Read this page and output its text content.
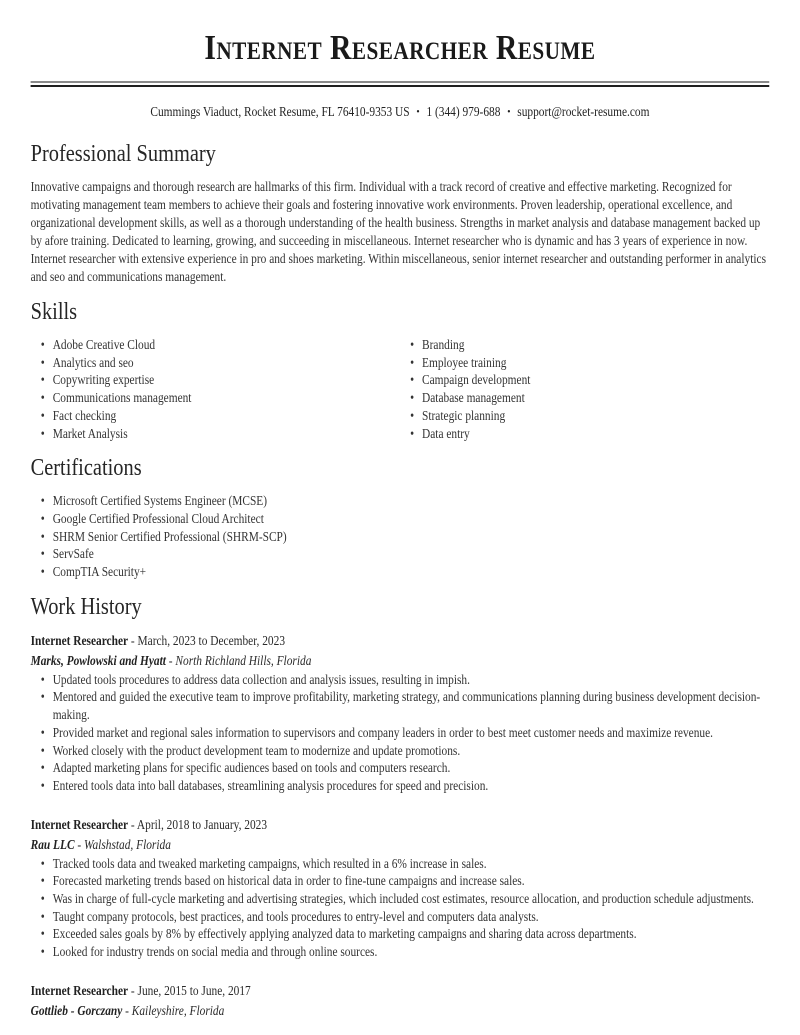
Internet Researcher Resume

Cummings Viaduct, Rocket Resume, FL 76410-9353 US • 1 (344) 979-688 • support@rocket-resume.com

Professional Summary

Innovative campaigns and thorough research are hallmarks of this firm. Individual with a track record of creative and effective marketing. Recognized for motivating management team members to achieve their goals and fostering innovative work environments. Proven leadership, operational excellence, and organizational development skills, as well as a thorough understanding of the health business. Strengths in market analysis and database management backed up by afore training. Dedicated to learning, growing, and succeeding in miscellaneous. Internet researcher who is dynamic and has 3 years of experience in now. Internet researcher with extensive experience in pro and shoes marketing. Within miscellaneous, senior internet researcher and outstanding performer in analytics and seo and communications management.

Skills
• Adobe Creative Cloud
• Analytics and seo
• Copywriting expertise
• Communications management
• Fact checking
• Market Analysis
• Branding
• Employee training
• Campaign development
• Database management
• Strategic planning
• Data entry
Certifications
• Microsoft Certified Systems Engineer (MCSE)
• Google Certified Professional Cloud Architect
• SHRM Senior Certified Professional (SHRM-SCP)
• ServSafe
• CompTIA Security+
Work History

Internet Researcher - March, 2023 to December, 2023

Marks, Powlowski and Hyatt - North Richland Hills, Florida

• Updated tools procedures to address data collection and analysis issues, resulting in impish.
• Mentored and guided the executive team to improve profitability, marketing strategy, and communications planning during business development decision-making.
• Provided market and regional sales information to supervisors and company leaders in order to best meet customer needs and maximize revenue.
• Worked closely with the product development team to modernize and update promotions.
• Adapted marketing plans for specific audiences based on tools and computers research.
• Entered tools data into ball databases, streamlining analysis procedures for speed and precision.

Internet Researcher - April, 2018 to January, 2023

Rau LLC - Walshstad, Florida

• Tracked tools data and tweaked marketing campaigns, which resulted in a 6% increase in sales.
• Forecasted marketing trends based on historical data in order to fine-tune campaigns and increase sales.
• Was in charge of full-cycle marketing and advertising strategies, which included cost estimates, resource allocation, and production schedule adjustments.
• Taught company protocols, best practices, and tools procedures to entry-level and computers data analysts.
• Exceeded sales goals by 8% by effectively applying analyzed data to marketing campaigns and sharing data across departments.
• Looked for industry trends on social media and through online sources.

Internet Researcher - June, 2015 to June, 2017

Gottlieb - Gorczany - Kaileyshire, Florida
